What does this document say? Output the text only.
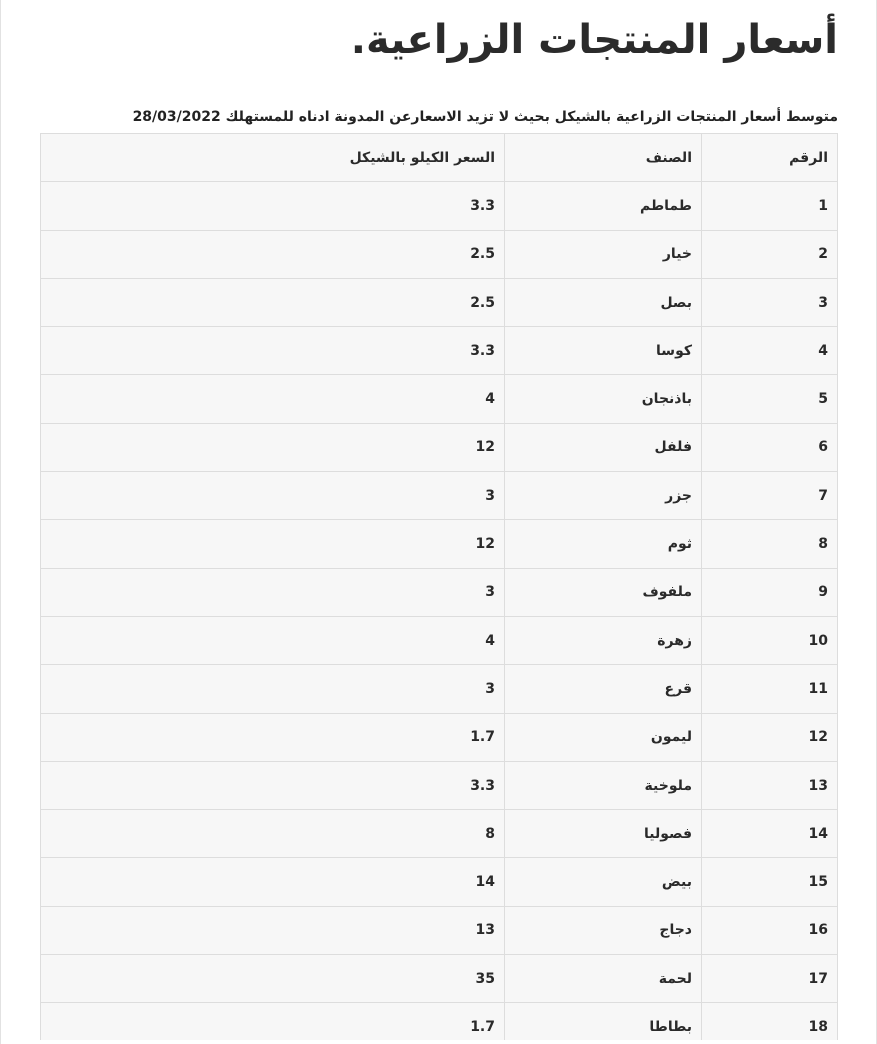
أسعار المنتجات الزراعية.

متوسط أسعار المنتجات الزراعية بالشيكل بحيث لا تزيد الاسعارعن المدونة ادناه للمستهلك 28/03/2022

الرقم	الصنف	السعر الكيلو بالشيكل
1	طماطم	3.3
2	خيار	2.5
3	بصل	2.5
4	كوسا	3.3
5	باذنجان	4
6	فلفل	12
7	جزر	3
8	ثوم	12
9	ملفوف	3
10	زهرة	4
11	قرع	3
12	ليمون	1.7
13	ملوخية	3.3
14	فصوليا	8
15	بيض	14
16	دجاج	13
17	لحمة	35
18	بطاطا	1.7
